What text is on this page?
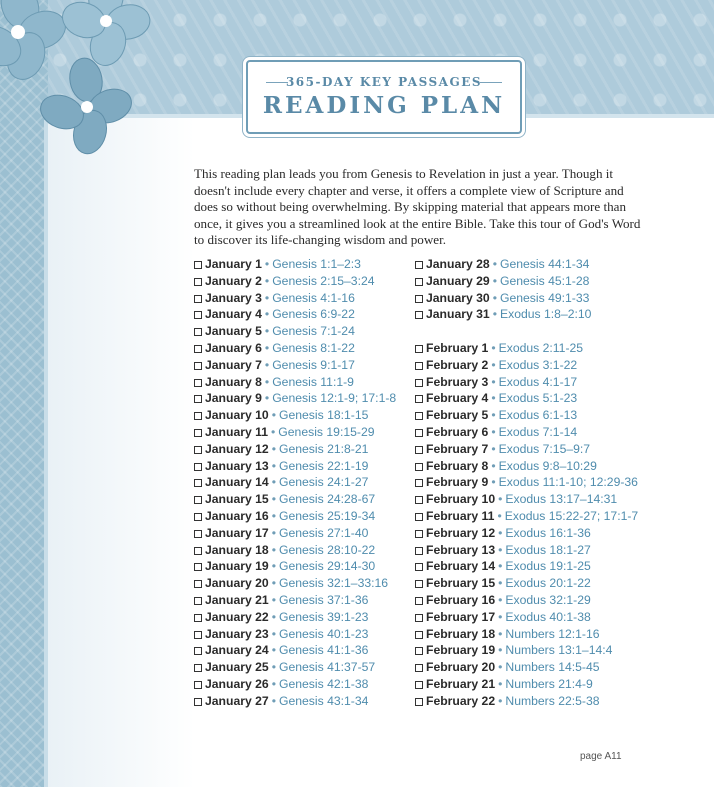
365-DAY KEY PASSAGES
READING PLAN
This reading plan leads you from Genesis to Revelation in just a year. Though it doesn't include every chapter and verse, it offers a complete view of Scripture and does so without being overwhelming. By skipping material that appears more than once, it gives you a streamlined look at the entire Bible. Take this tour of God's Word to discover its life-changing wisdom and power.
January 1 • Genesis 1:1–2:3
January 2 • Genesis 2:15–3:24
January 3 • Genesis 4:1-16
January 4 • Genesis 6:9-22
January 5 • Genesis 7:1-24
January 6 • Genesis 8:1-22
January 7 • Genesis 9:1-17
January 8 • Genesis 11:1-9
January 9 • Genesis 12:1-9; 17:1-8
January 10 • Genesis 18:1-15
January 11 • Genesis 19:15-29
January 12 • Genesis 21:8-21
January 13 • Genesis 22:1-19
January 14 • Genesis 24:1-27
January 15 • Genesis 24:28-67
January 16 • Genesis 25:19-34
January 17 • Genesis 27:1-40
January 18 • Genesis 28:10-22
January 19 • Genesis 29:14-30
January 20 • Genesis 32:1–33:16
January 21 • Genesis 37:1-36
January 22 • Genesis 39:1-23
January 23 • Genesis 40:1-23
January 24 • Genesis 41:1-36
January 25 • Genesis 41:37-57
January 26 • Genesis 42:1-38
January 27 • Genesis 43:1-34
January 28 • Genesis 44:1-34
January 29 • Genesis 45:1-28
January 30 • Genesis 49:1-33
January 31 • Exodus 1:8–2:10
February 1 • Exodus 2:11-25
February 2 • Exodus 3:1-22
February 3 • Exodus 4:1-17
February 4 • Exodus 5:1-23
February 5 • Exodus 6:1-13
February 6 • Exodus 7:1-14
February 7 • Exodus 7:15–9:7
February 8 • Exodus 9:8–10:29
February 9 • Exodus 11:1-10; 12:29-36
February 10 • Exodus 13:17–14:31
February 11 • Exodus 15:22-27; 17:1-7
February 12 • Exodus 16:1-36
February 13 • Exodus 18:1-27
February 14 • Exodus 19:1-25
February 15 • Exodus 20:1-22
February 16 • Exodus 32:1-29
February 17 • Exodus 40:1-38
February 18 • Numbers 12:1-16
February 19 • Numbers 13:1–14:4
February 20 • Numbers 14:5-45
February 21 • Numbers 21:4-9
February 22 • Numbers 22:5-38
page A11
